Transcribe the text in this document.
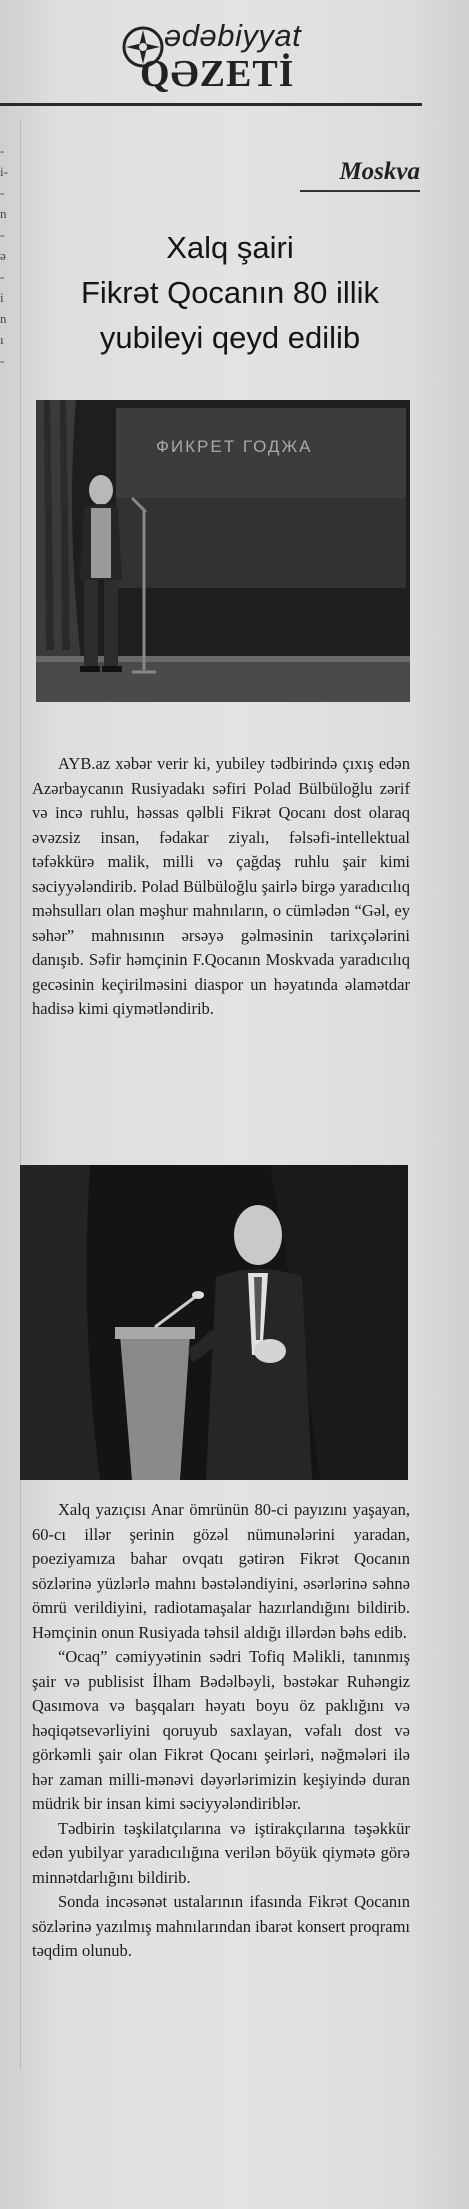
ədəbiyyat
QƏZETİ
-
i-
-
n
-
ə
-
i
n
ı
-
Moskva
Xalq şairi
Fikrət Qocanın 80 illik
yubileyi qeyd edilib
ФИКРЕТ ГОДЖА

AYB.az xəbər verir ki, yubiley tədbirində çıxış edən Azərbaycanın Rusiyadakı səfiri Polad Bülbüloğlu zərif və incə ruhlu, həssas qəlbli Fikrət Qocanı dost olaraq əvəzsiz insan, fədakar ziyalı, fəlsəfi-intellektual təfəkkürə malik, milli və çağdaş ruhlu şair kimi səciyyələndirib. Polad Bülbüloğlu şairlə birgə yaradıcılıq məhsulları olan məşhur mahnıların, o cümlədən “Gəl, ey səhər” mahnısının ərsəyə gəlməsinin tarixçələrini danışıb. Səfir həmçinin F.Qocanın Moskvada yaradıcılıq gecəsinin keçirilməsini diaspor un həyatında əlamətdar hadisə kimi qiymətləndirib.

Xalq yazıçısı Anar ömrünün 80-ci payızını yaşayan, 60-cı illər şerinin gözəl nümunələrini yaradan, poeziyamıza bahar ovqatı gətirən Fikrət Qocanın sözlərinə yüzlərlə mahnı bəstələndiyini, əsərlərinə səhnə ömrü verildiyini, radiotamaşalar hazırlandığını bildirib. Həmçinin onun Rusiyada təhsil aldığı illərdən bəhs edib.

“Ocaq” cəmiyyətinin sədri Tofiq Məlikli, tanınmış şair və publisist İlham Bədəlbəyli, bəstəkar Ruhəngiz Qasımova və başqaları həyatı boyu öz paklığını və həqiqətsevərliyini qoruyub saxlayan, vəfalı dost və görkəmli şair olan Fikrət Qocanı şeirləri, nəğmələri ilə hər zaman milli-mənəvi dəyərlərimizin keşiyində duran müdrik bir insan kimi səciyyələndiriblər.

Tədbirin təşkilatçılarına və iştirakçılarına təşəkkür edən yubilyar yaradıcılığına verilən böyük qiymətə görə minnətdarlığını bildirib.

Sonda incəsənət ustalarının ifasında Fikrət Qocanın sözlərinə yazılmış mahnılarından ibarət konsert proqramı təqdim olunub.
